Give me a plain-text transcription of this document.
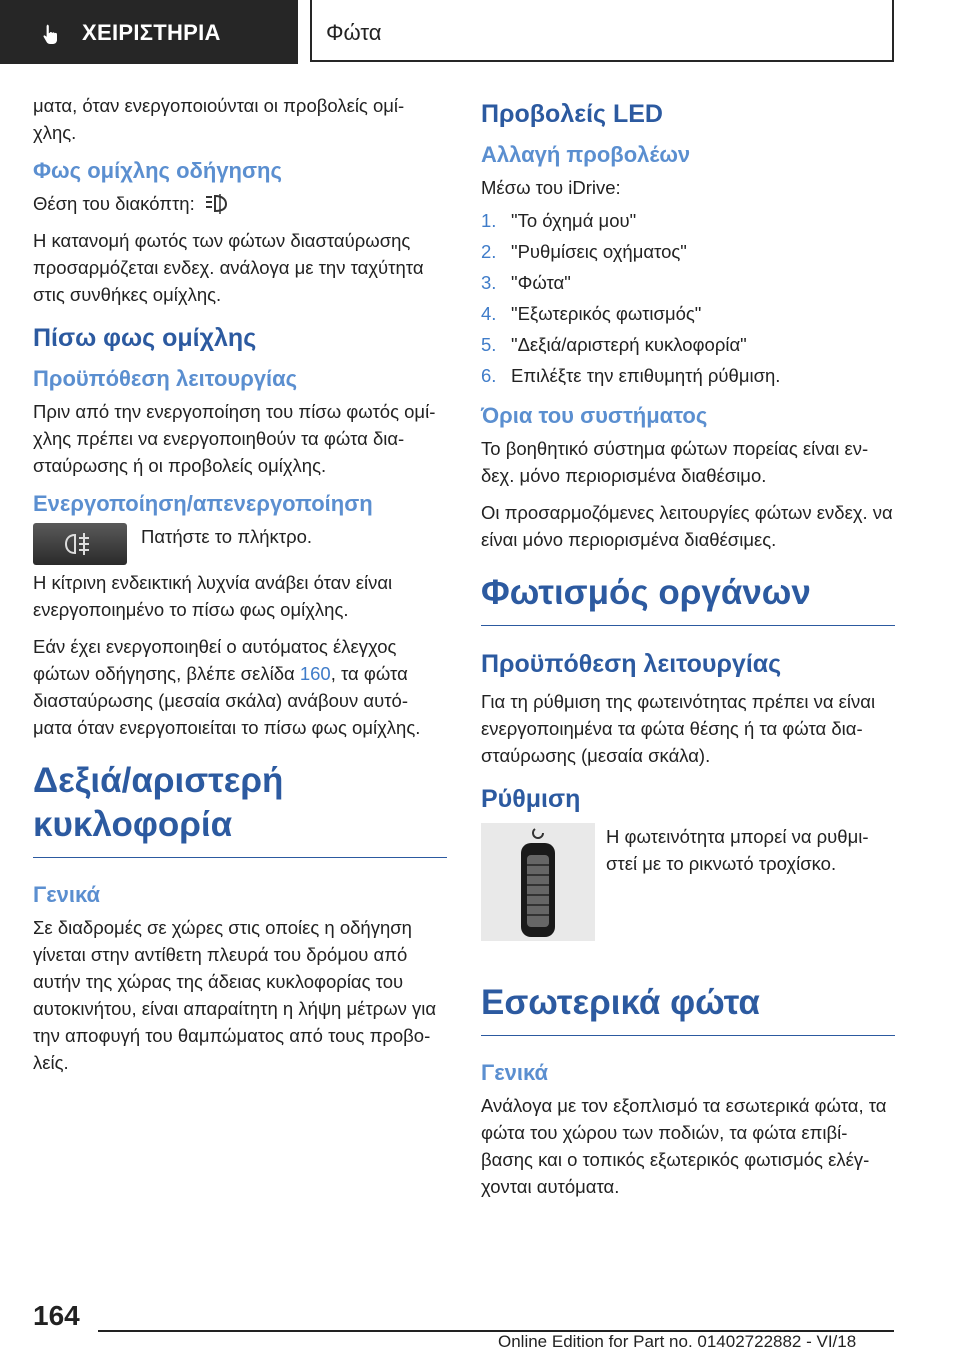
ΧΕΙΡΙΣΤΗΡΙΑ	Φώτα

ματα, όταν ενεργοποιούνται οι προβολείς ομί-χλης.

Φως ομίχλης οδήγησης

Θέση του διακόπτη:

Η κατανομή φωτός των φώτων διασταύρωσης προσαρμόζεται ενδεχ. ανάλογα με την ταχύτητα στις συνθήκες ομίχλης.

Πίσω φως ομίχλης
Προϋπόθεση λειτουργίας

Πριν από την ενεργοποίηση του πίσω φωτός ομί-χλης πρέπει να ενεργοποιηθούν τα φώτα δια-σταύρωσης ή οι προβολείς ομίχλης.

Ενεργοποίηση/απενεργοποίηση

Πατήστε το πλήκτρο.

Η κίτρινη ενδεικτική λυχνία ανάβει όταν είναι ενεργοποιημένο το πίσω φως ομίχλης.

Εάν έχει ενεργοποιηθεί ο αυτόματος έλεγχος φώτων οδήγησης, βλέπε σελίδα 160, τα φώτα διασταύρωσης (μεσαία σκάλα) ανάβουν αυτό-ματα όταν ενεργοποιείται το πίσω φως ομίχλης.

Δεξιά/αριστερή κυκλοφορία
Γενικά

Σε διαδρομές σε χώρες στις οποίες η οδήγηση γίνεται στην αντίθετη πλευρά του δρόμου από αυτήν της χώρας της άδειας κυκλοφορίας του αυτοκινήτου, είναι απαραίτητη η λήψη μέτρων για την αποφυγή του θαμπώματος από τους προβο-λείς.

Προβολείς LED
Αλλαγή προβολέων

Μέσω του iDrive:

1. "Το όχημά μου"
2. "Ρυθμίσεις οχήματος"
3. "Φώτα"
4. "Εξωτερικός φωτισμός"
5. "Δεξιά/αριστερή κυκλοφορία"
6. Επιλέξτε την επιθυμητή ρύθμιση.
Όρια του συστήματος

Το βοηθητικό σύστημα φώτων πορείας είναι εν-δεχ. μόνο περιορισμένα διαθέσιμο.

Οι προσαρμοζόμενες λειτουργίες φώτων ενδεχ. να είναι μόνο περιορισμένα διαθέσιμες.

Φωτισμός οργάνων
Προϋπόθεση λειτουργίας

Για τη ρύθμιση της φωτεινότητας πρέπει να είναι ενεργοποιημένα τα φώτα θέσης ή τα φώτα δια-σταύρωσης (μεσαία σκάλα).

Ρύθμιση

Η φωτεινότητα μπορεί να ρυθμι-στεί με το ρικνωτό τροχίσκο.

Εσωτερικά φώτα
Γενικά

Ανάλογα με τον εξοπλισμό τα εσωτερικά φώτα, τα φώτα του χώρου των ποδιών, τα φώτα επιβί-βασης και ο τοπικός εξωτερικός φωτισμός ελέγ-χονται αυτόματα.

164
Online Edition for Part no. 01402722882 - VI/18
